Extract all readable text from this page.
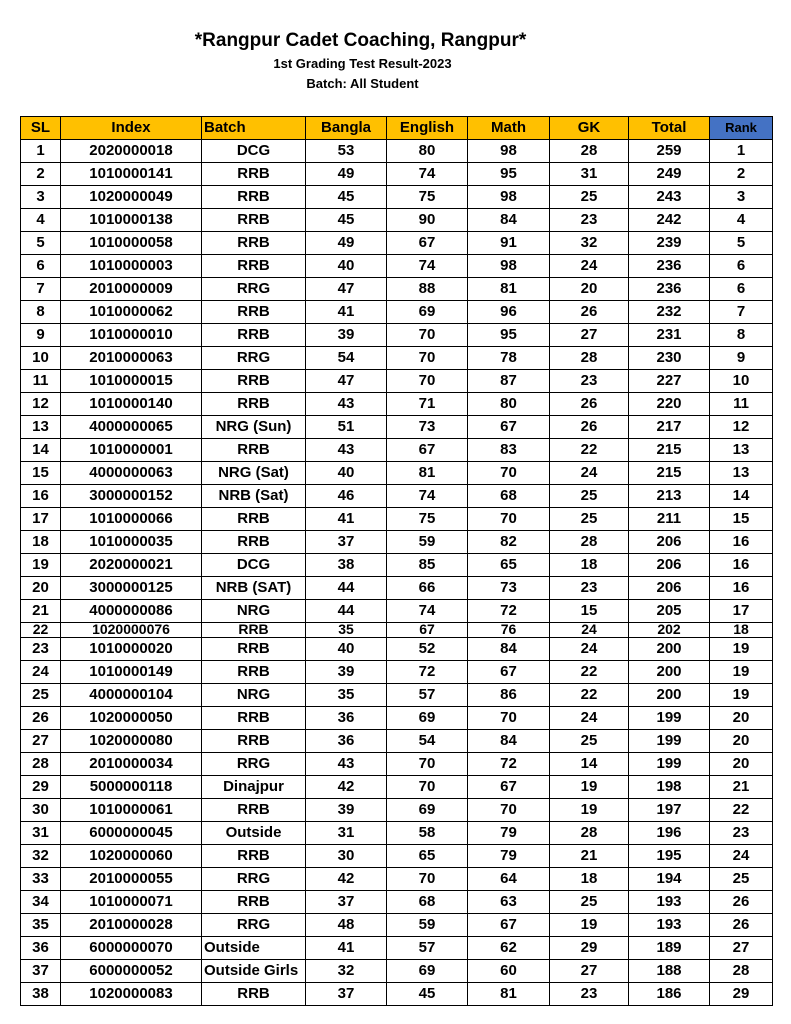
*Rangpur Cadet Coaching, Rangpur*
1st Grading Test Result-2023
Batch: All Student
SL	Index	Batch	Bangla	English	Math	GK	Total	Rank
1	2020000018	DCG	53	80	98	28	259	1
2	1010000141	RRB	49	74	95	31	249	2
3	1020000049	RRB	45	75	98	25	243	3
4	1010000138	RRB	45	90	84	23	242	4
5	1010000058	RRB	49	67	91	32	239	5
6	1010000003	RRB	40	74	98	24	236	6
7	2010000009	RRG	47	88	81	20	236	6
8	1010000062	RRB	41	69	96	26	232	7
9	1010000010	RRB	39	70	95	27	231	8
10	2010000063	RRG	54	70	78	28	230	9
11	1010000015	RRB	47	70	87	23	227	10
12	1010000140	RRB	43	71	80	26	220	11
13	4000000065	NRG (Sun)	51	73	67	26	217	12
14	1010000001	RRB	43	67	83	22	215	13
15	4000000063	NRG (Sat)	40	81	70	24	215	13
16	3000000152	NRB (Sat)	46	74	68	25	213	14
17	1010000066	RRB	41	75	70	25	211	15
18	1010000035	RRB	37	59	82	28	206	16
19	2020000021	DCG	38	85	65	18	206	16
20	3000000125	NRB (SAT)	44	66	73	23	206	16
21	4000000086	NRG	44	74	72	15	205	17
22	1020000076	RRB	35	67	76	24	202	18
23	1010000020	RRB	40	52	84	24	200	19
24	1010000149	RRB	39	72	67	22	200	19
25	4000000104	NRG	35	57	86	22	200	19
26	1020000050	RRB	36	69	70	24	199	20
27	1020000080	RRB	36	54	84	25	199	20
28	2010000034	RRG	43	70	72	14	199	20
29	5000000118	Dinajpur	42	70	67	19	198	21
30	1010000061	RRB	39	69	70	19	197	22
31	6000000045	Outside	31	58	79	28	196	23
32	1020000060	RRB	30	65	79	21	195	24
33	2010000055	RRG	42	70	64	18	194	25
34	1010000071	RRB	37	68	63	25	193	26
35	2010000028	RRG	48	59	67	19	193	26
36	6000000070	Outside	41	57	62	29	189	27
37	6000000052	Outside Girls	32	69	60	27	188	28
38	1020000083	RRB	37	45	81	23	186	29
